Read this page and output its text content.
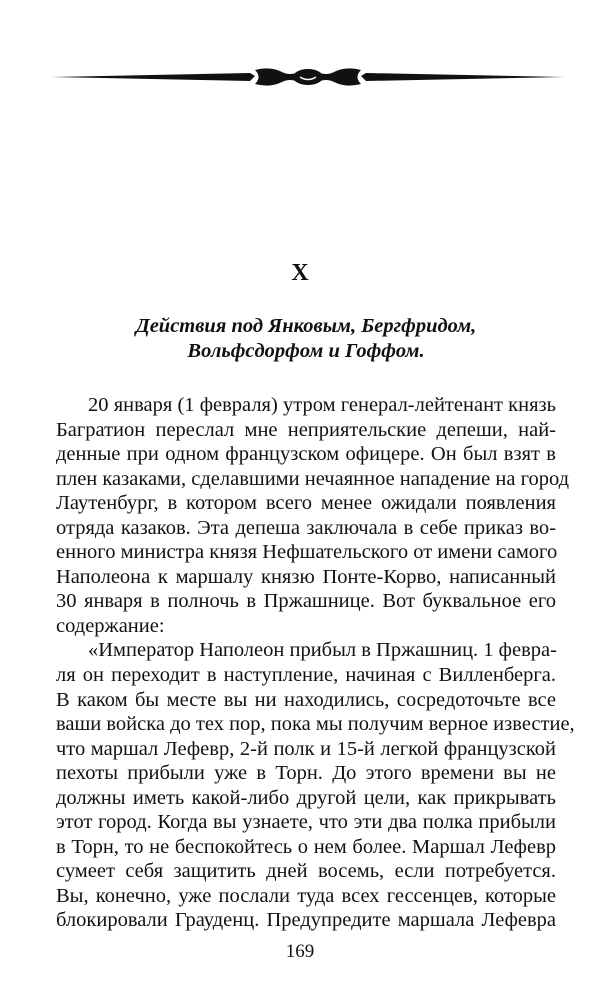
X
Действия под Янковым, Бергфридом,
Вольфсдорфом и Гоффом.
20 января (1 февраля) утром генерал-лейтенант князь
Багратион переслал мне неприятельские депеши, най-
денные при одном французском офицере. Он был взят в
плен казаками, сделавшими нечаянное нападение на город
Лаутенбург, в котором всего менее ожидали появления
отряда казаков. Эта депеша заключала в себе приказ во-
енного министра князя Нефшательского от имени самого
Наполеона к маршалу князю Понте-Корво, написанный
30 января в полночь в Пржашнице. Вот буквальное его
содержание:
«Император Наполеон прибыл в Пржашниц. 1 февра-
ля он переходит в наступление, начиная с Вилленберга.
В каком бы месте вы ни находились, сосредоточьте все
ваши войска до тех пор, пока мы получим верное известие,
что маршал Лефевр, 2-й полк и 15-й легкой французской
пехоты прибыли уже в Торн. До этого времени вы не
должны иметь какой-либо другой цели, как прикрывать
этот город. Когда вы узнаете, что эти два полка прибыли
в Торн, то не беспокойтесь о нем более. Маршал Лефевр
сумеет себя защитить дней восемь, если потребуется.
Вы, конечно, уже послали туда всех гессенцев, которые
блокировали Грауденц. Предупредите маршала Лефевра
169
